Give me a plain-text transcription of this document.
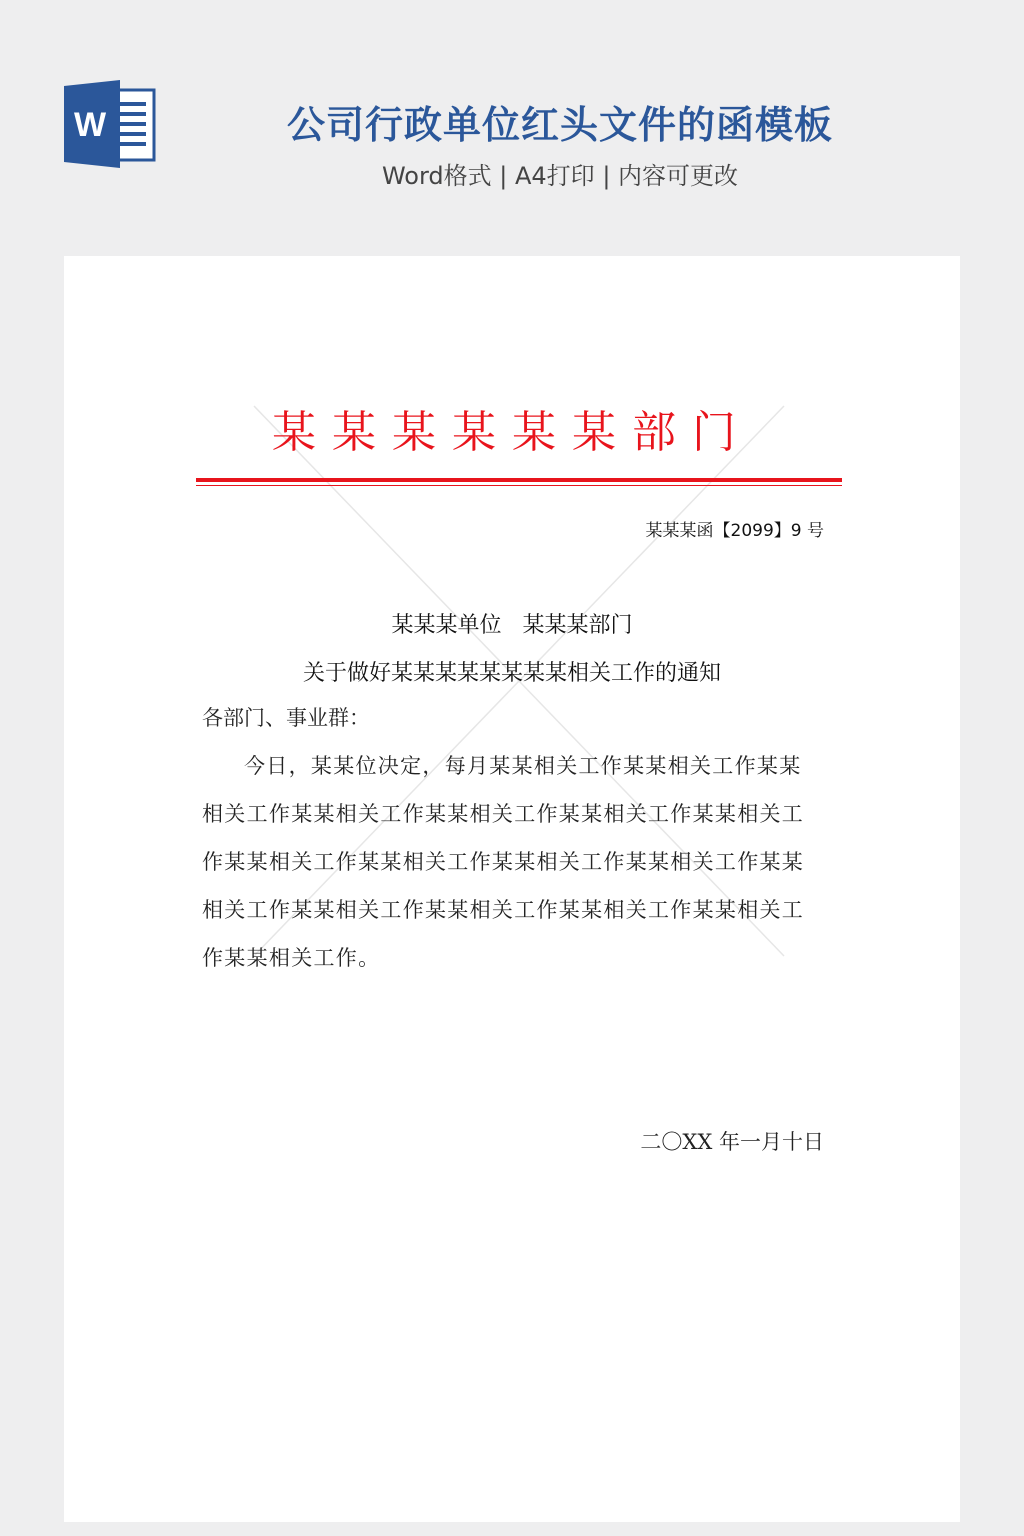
W	公司行政单位红头文件的函模板
Word格式 | A4打印 | 内容可更改
某某某某某某部门
某某某函【2099】9 号
某某某单位 某某某部门
关于做好某某某某某某某某相关工作的通知
各部门、事业群：
今日，某某位决定，每月某某相关工作某某相关工作某某相关工作某某相关工作某某相关工作某某相关工作某某相关工作某某相关工作某某相关工作某某相关工作某某相关工作某某相关工作某某相关工作某某相关工作某某相关工作某某相关工作某某相关工作。
二〇XX 年一月十日
